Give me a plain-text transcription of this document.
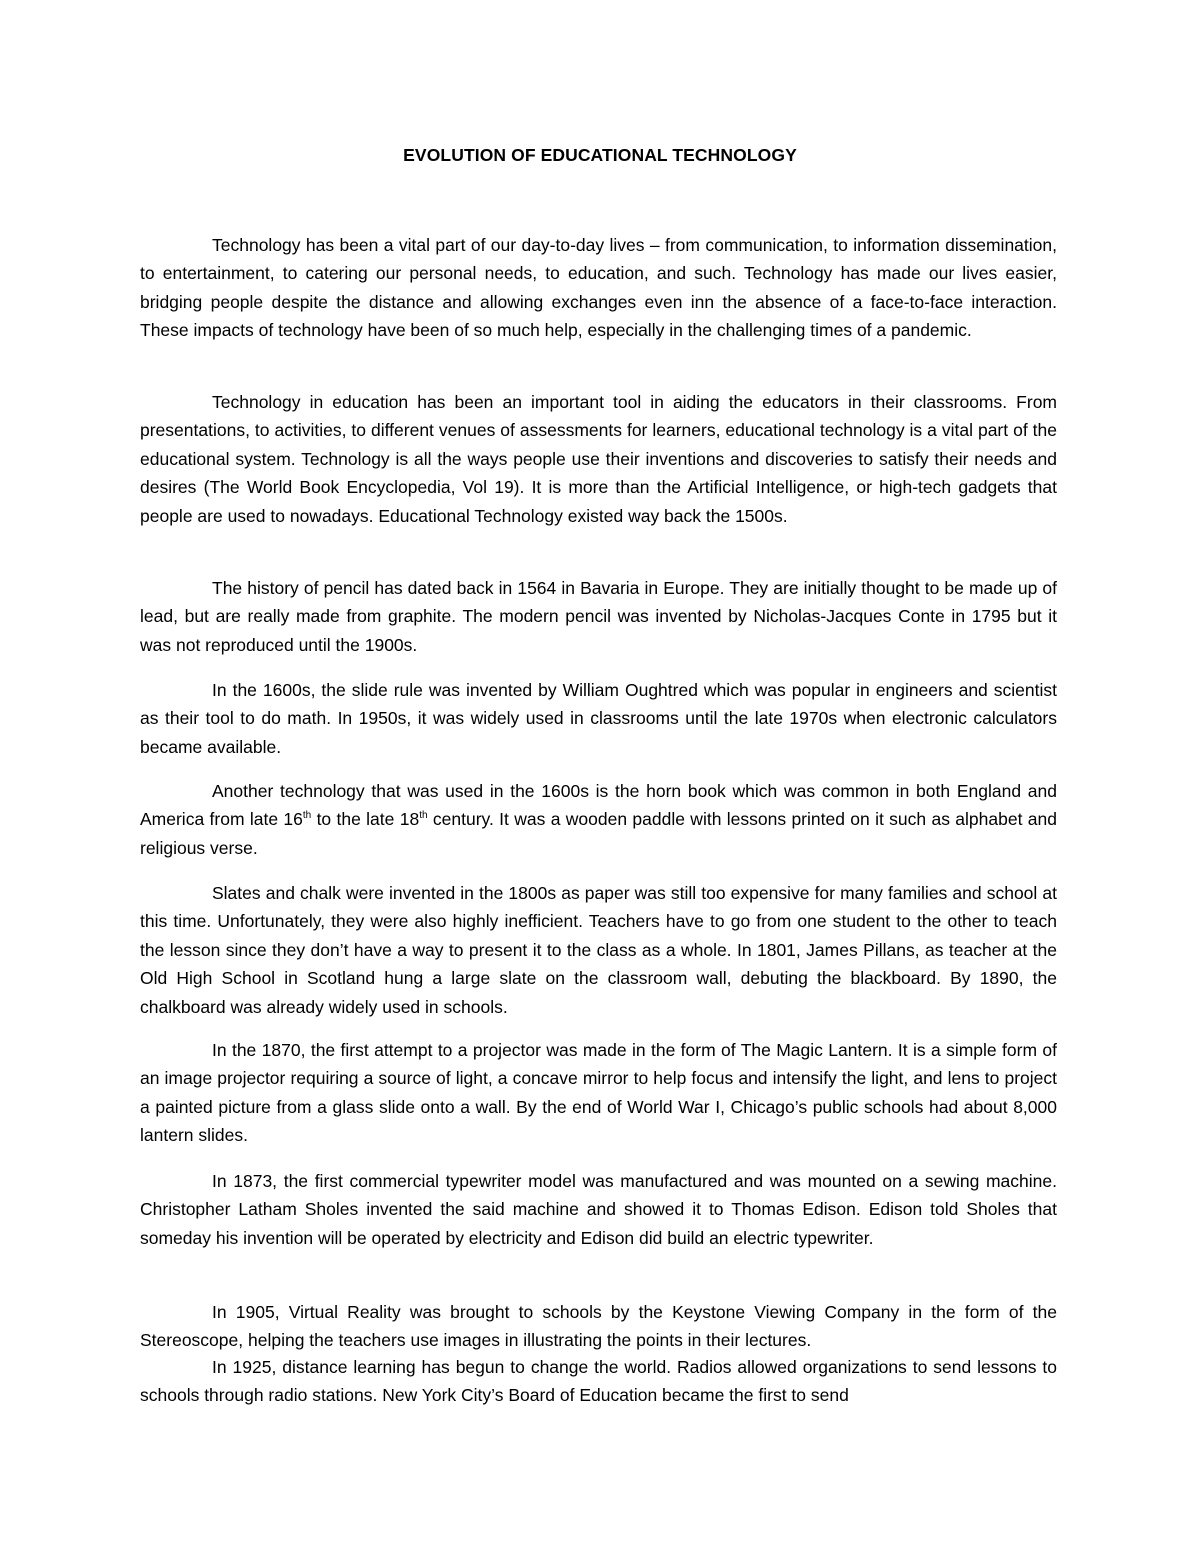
EVOLUTION OF EDUCATIONAL TECHNOLOGY

Technology has been a vital part of our day-to-day lives – from communication, to information dissemination, to entertainment, to catering our personal needs, to education, and such. Technology has made our lives easier, bridging people despite the distance and allowing exchanges even inn the absence of a face-to-face interaction. These impacts of technology have been of so much help, especially in the challenging times of a pandemic.

Technology in education has been an important tool in aiding the educators in their classrooms. From presentations, to activities, to different venues of assessments for learners, educational technology is a vital part of the educational system. Technology is all the ways people use their inventions and discoveries to satisfy their needs and desires (The World Book Encyclopedia, Vol 19). It is more than the Artificial Intelligence, or high-tech gadgets that people are used to nowadays. Educational Technology existed way back the 1500s.

The history of pencil has dated back in 1564 in Bavaria in Europe. They are initially thought to be made up of lead, but are really made from graphite. The modern pencil was invented by Nicholas-Jacques Conte in 1795 but it was not reproduced until the 1900s.

In the 1600s, the slide rule was invented by William Oughtred which was popular in engineers and scientist as their tool to do math. In 1950s, it was widely used in classrooms until the late 1970s when electronic calculators became available.

Another technology that was used in the 1600s is the horn book which was common in both England and America from late 16th to the late 18th century. It was a wooden paddle with lessons printed on it such as alphabet and religious verse.

Slates and chalk were invented in the 1800s as paper was still too expensive for many families and school at this time. Unfortunately, they were also highly inefficient. Teachers have to go from one student to the other to teach the lesson since they don’t have a way to present it to the class as a whole. In 1801, James Pillans, as teacher at the Old High School in Scotland hung a large slate on the classroom wall, debuting the blackboard. By 1890, the chalkboard was already widely used in schools.

In the 1870, the first attempt to a projector was made in the form of The Magic Lantern. It is a simple form of an image projector requiring a source of light, a concave mirror to help focus and intensify the light, and lens to project a painted picture from a glass slide onto a wall. By the end of World War I, Chicago’s public schools had about 8,000 lantern slides.

In 1873, the first commercial typewriter model was manufactured and was mounted on a sewing machine. Christopher Latham Sholes invented the said machine and showed it to Thomas Edison. Edison told Sholes that someday his invention will be operated by electricity and Edison did build an electric typewriter.

In 1905, Virtual Reality was brought to schools by the Keystone Viewing Company in the form of the Stereoscope, helping the teachers use images in illustrating the points in their lectures.

In 1925, distance learning has begun to change the world. Radios allowed organizations to send lessons to schools through radio stations. New York City’s Board of Education became the first to send
